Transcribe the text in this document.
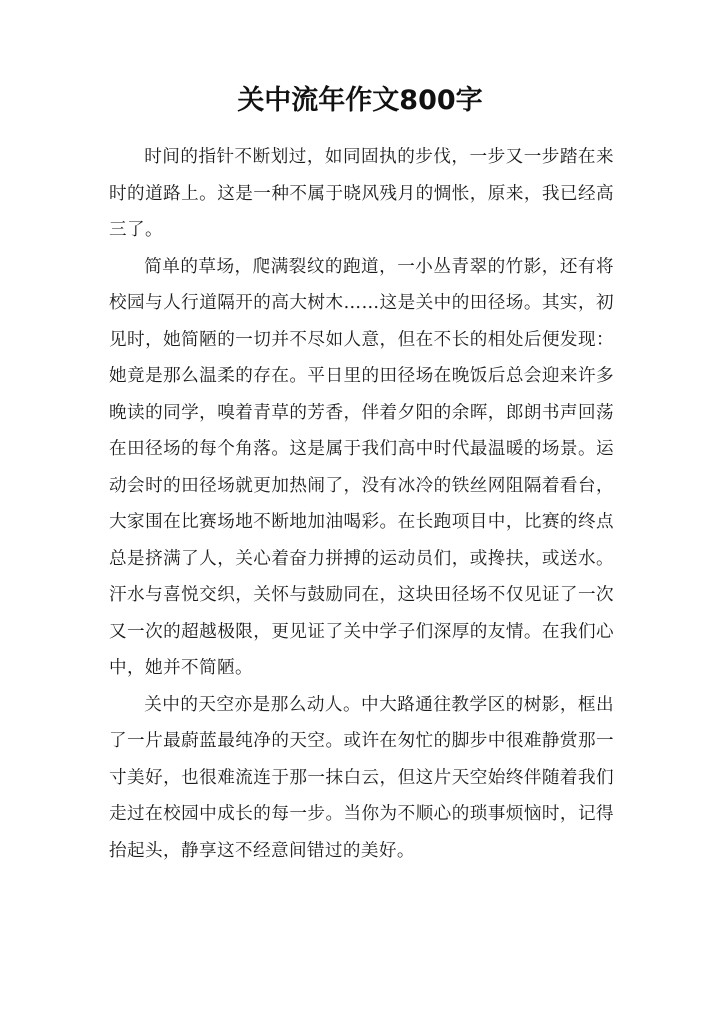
关中流年作文800字

时间的指针不断划过，如同固执的步伐，一步又一步踏在来时的道路上。这是一种不属于晓风残月的惆怅，原来，我已经高三了。

简单的草场，爬满裂纹的跑道，一小丛青翠的竹影，还有将校园与人行道隔开的高大树木……这是关中的田径场。其实，初见时，她简陋的一切并不尽如人意，但在不长的相处后便发现：她竟是那么温柔的存在。平日里的田径场在晚饭后总会迎来许多晚读的同学，嗅着青草的芳香，伴着夕阳的余晖，郎朗书声回荡在田径场的每个角落。这是属于我们高中时代最温暖的场景。运动会时的田径场就更加热闹了，没有冰冷的铁丝网阻隔着看台，大家围在比赛场地不断地加油喝彩。在长跑项目中，比赛的终点总是挤满了人，关心着奋力拼搏的运动员们，或搀扶，或送水。汗水与喜悦交织，关怀与鼓励同在，这块田径场不仅见证了一次又一次的超越极限，更见证了关中学子们深厚的友情。在我们心中，她并不简陋。

关中的天空亦是那么动人。中大路通往教学区的树影，框出了一片最蔚蓝最纯净的天空。或许在匆忙的脚步中很难静赏那一寸美好，也很难流连于那一抹白云，但这片天空始终伴随着我们走过在校园中成长的每一步。当你为不顺心的琐事烦恼时，记得抬起头，静享这不经意间错过的美好。
